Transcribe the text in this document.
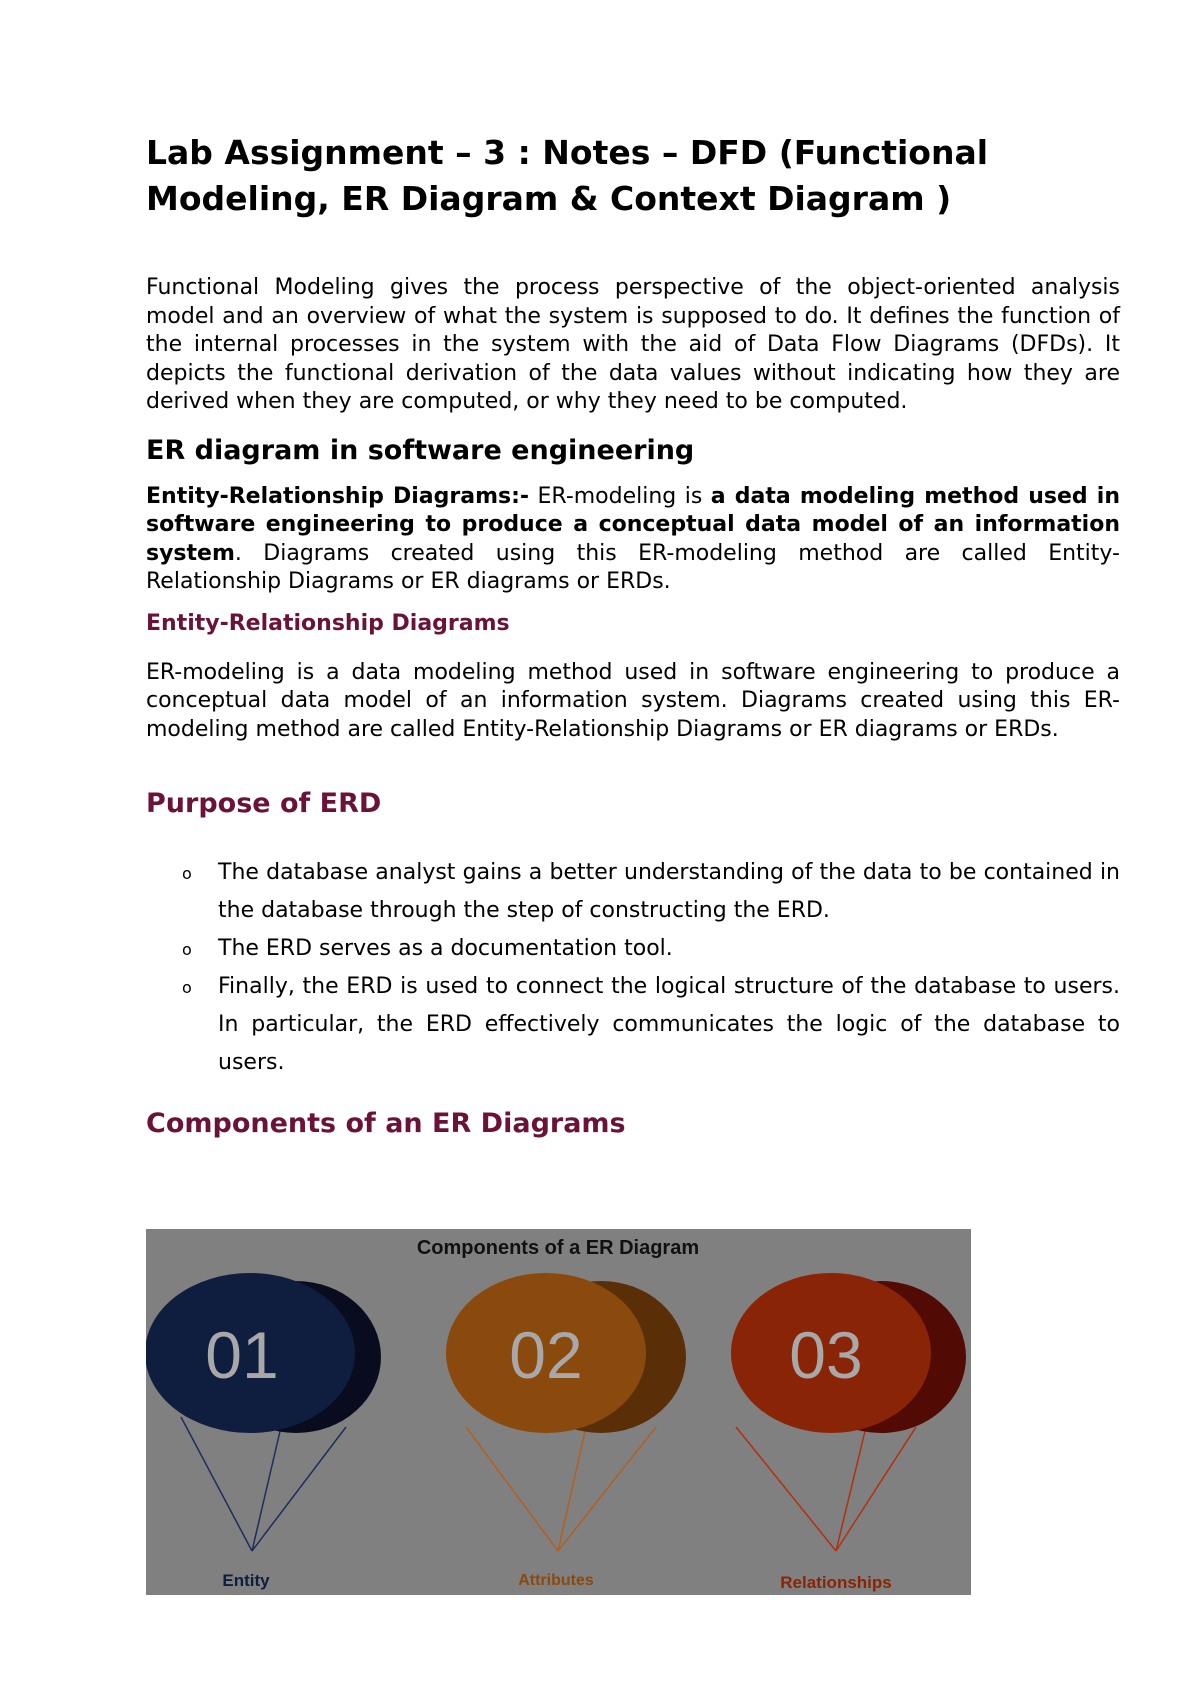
Lab Assignment – 3 : Notes – DFD (Functional
Modeling, ER Diagram & Context Diagram )

Functional Modeling gives the process perspective of the object-oriented analysis model and an overview of what the system is supposed to do. It defines the function of the internal processes in the system with the aid of Data Flow Diagrams (DFDs). It depicts the functional derivation of the data values without indicating how they are derived when they are computed, or why they need to be computed.

ER diagram in software engineering

Entity-Relationship Diagrams:- ER-modeling is a data modeling method used in software engineering to produce a conceptual data model of an information system. Diagrams created using this ER-modeling method are called Entity-Relationship Diagrams or ER diagrams or ERDs.

Entity-Relationship Diagrams

ER-modeling is a data modeling method used in software engineering to produce a conceptual data model of an information system. Diagrams created using this ER-modeling method are called Entity-Relationship Diagrams or ER diagrams or ERDs.

Purpose of ERD
o The database analyst gains a better understanding of the data to be contained in the database through the step of constructing the ERD.
o The ERD serves as a documentation tool.
o Finally, the ERD is used to connect the logical structure of the database to users. In particular, the ERD effectively communicates the logic of the database to users.
Components of an ER Diagrams
Components of a ER Diagram
01
Entity
02
Attributes
03
Relationships
